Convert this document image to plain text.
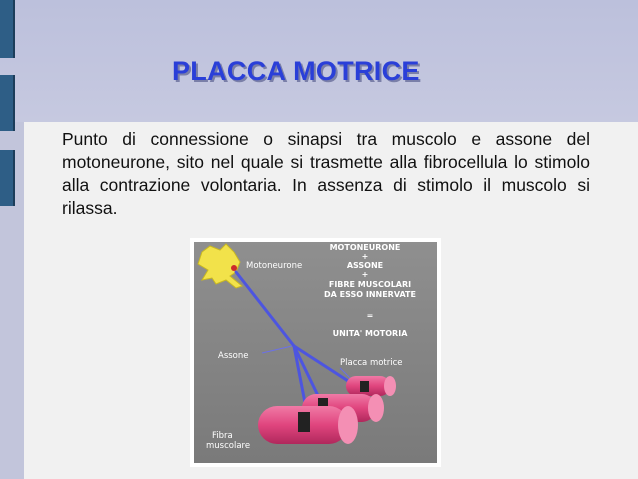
PLACCA MOTRICE

Punto di connessione o sinapsi tra muscolo e assone del motoneurone, sito nel quale si trasmette alla fibrocellula lo stimolo alla contrazione volontaria. In assenza di stimolo il muscolo si rilassa.

Motoneurone
Assone
Placca motrice
Fibra
muscolare
MOTONEURONE
+
ASSONE
+
FIBRE MUSCOLARI
DA ESSO INNERVATE
=
UNITA' MOTORIA
